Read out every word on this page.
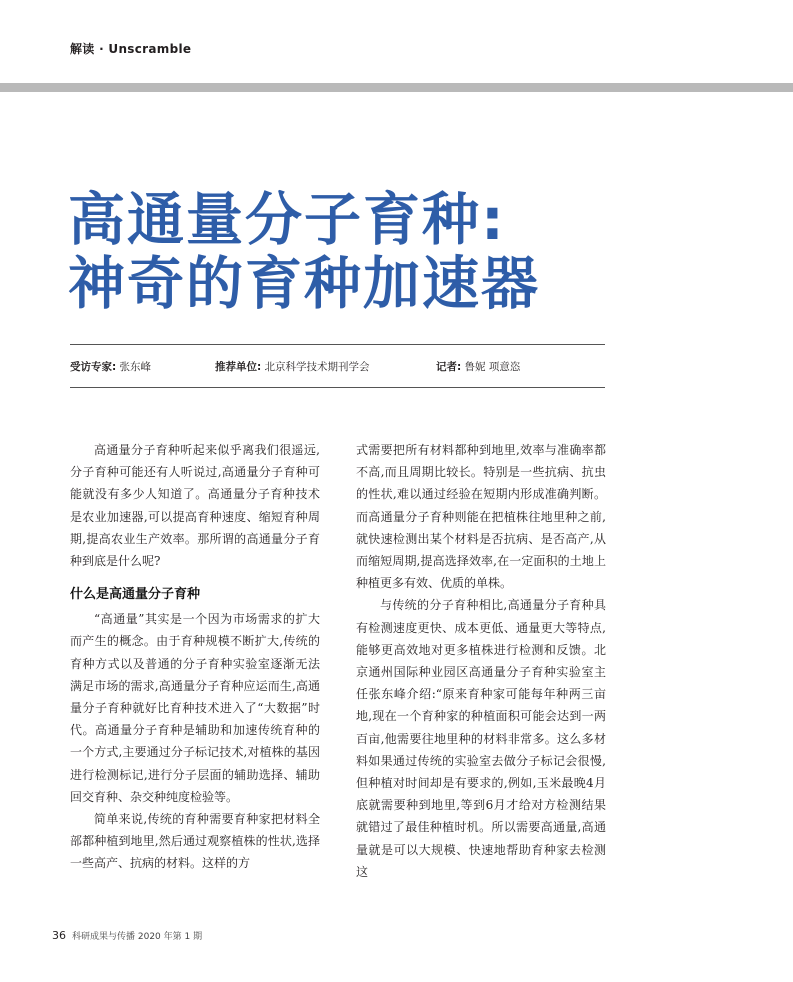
解读 · Unscramble
高通量分子育种:
神奇的育种加速器
受访专家: 张东峰	推荐单位: 北京科学技术期刊学会	记者: 鲁妮 项意恣

高通量分子育种听起来似乎离我们很遥远,分子育种可能还有人听说过,高通量分子育种可能就没有多少人知道了。高通量分子育种技术是农业加速器,可以提高育种速度、缩短育种周期,提高农业生产效率。那所谓的高通量分子育种到底是什么呢?

什么是高通量分子育种

“高通量”其实是一个因为市场需求的扩大而产生的概念。由于育种规模不断扩大,传统的育种方式以及普通的分子育种实验室逐渐无法满足市场的需求,高通量分子育种应运而生,高通量分子育种就好比育种技术进入了“大数据”时代。高通量分子育种是辅助和加速传统育种的一个方式,主要通过分子标记技术,对植株的基因进行检测标记,进行分子层面的辅助选择、辅助回交育种、杂交种纯度检验等。

简单来说,传统的育种需要育种家把材料全部都种植到地里,然后通过观察植株的性状,选择一些高产、抗病的材料。这样的方

式需要把所有材料都种到地里,效率与准确率都不高,而且周期比较长。特别是一些抗病、抗虫的性状,难以通过经验在短期内形成准确判断。而高通量分子育种则能在把植株往地里种之前,就快速检测出某个材料是否抗病、是否高产,从而缩短周期,提高选择效率,在一定面积的土地上种植更多有效、优质的单株。

与传统的分子育种相比,高通量分子育种具有检测速度更快、成本更低、通量更大等特点,能够更高效地对更多植株进行检测和反馈。北京通州国际种业园区高通量分子育种实验室主任张东峰介绍:“原来育种家可能每年种两三亩地,现在一个育种家的种植面积可能会达到一两百亩,他需要往地里种的材料非常多。这么多材料如果通过传统的实验室去做分子标记会很慢,但种植对时间却是有要求的,例如,玉米最晚4月底就需要种到地里,等到6月才给对方检测结果就错过了最佳种植时机。所以需要高通量,高通量就是可以大规模、快速地帮助育种家去检测这

36 科研成果与传播 2020 年第 1 期
